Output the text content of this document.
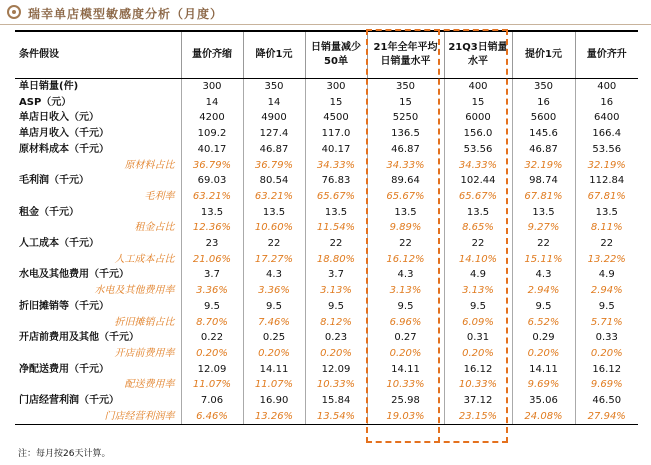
瑞幸单店模型敏感度分析（月度）
条件假设	量价齐缩	降价1元	日销量减少50单	21年全年平均日销量水平	21Q3日销量水平	提价1元	量价齐升
单日销量(件)	300	350	300	350	400	350	400
ASP（元）	14	14	15	15	15	16	16
单店日收入（元）	4200	4900	4500	5250	6000	5600	6400
单店月收入（千元）	109.2	127.4	117.0	136.5	156.0	145.6	166.4
原材料成本（千元）	40.17	46.87	40.17	46.87	53.56	46.87	53.56
原材料占比	36.79%	36.79%	34.33%	34.33%	34.33%	32.19%	32.19%
毛利润（千元）	69.03	80.54	76.83	89.64	102.44	98.74	112.84
毛利率	63.21%	63.21%	65.67%	65.67%	65.67%	67.81%	67.81%
租金（千元）	13.5	13.5	13.5	13.5	13.5	13.5	13.5
租金占比	12.36%	10.60%	11.54%	9.89%	8.65%	9.27%	8.11%
人工成本（千元）	23	22	22	22	22	22	22
人工成本占比	21.06%	17.27%	18.80%	16.12%	14.10%	15.11%	13.22%
水电及其他费用（千元）	3.7	4.3	3.7	4.3	4.9	4.3	4.9
水电及其他费用率	3.36%	3.36%	3.13%	3.13%	3.13%	2.94%	2.94%
折旧摊销等（千元）	9.5	9.5	9.5	9.5	9.5	9.5	9.5
折旧摊销占比	8.70%	7.46%	8.12%	6.96%	6.09%	6.52%	5.71%
开店前费用及其他（千元）	0.22	0.25	0.23	0.27	0.31	0.29	0.33
开店前费用率	0.20%	0.20%	0.20%	0.20%	0.20%	0.20%	0.20%
净配送费用（千元）	12.09	14.11	12.09	14.11	16.12	14.11	16.12
配送费用率	11.07%	11.07%	10.33%	10.33%	10.33%	9.69%	9.69%
门店经营利润（千元）	7.06	16.90	15.84	25.98	37.12	35.06	46.50
门店经营利润率	6.46%	13.26%	13.54%	19.03%	23.15%	24.08%	27.94%
注：每月按26天计算。
